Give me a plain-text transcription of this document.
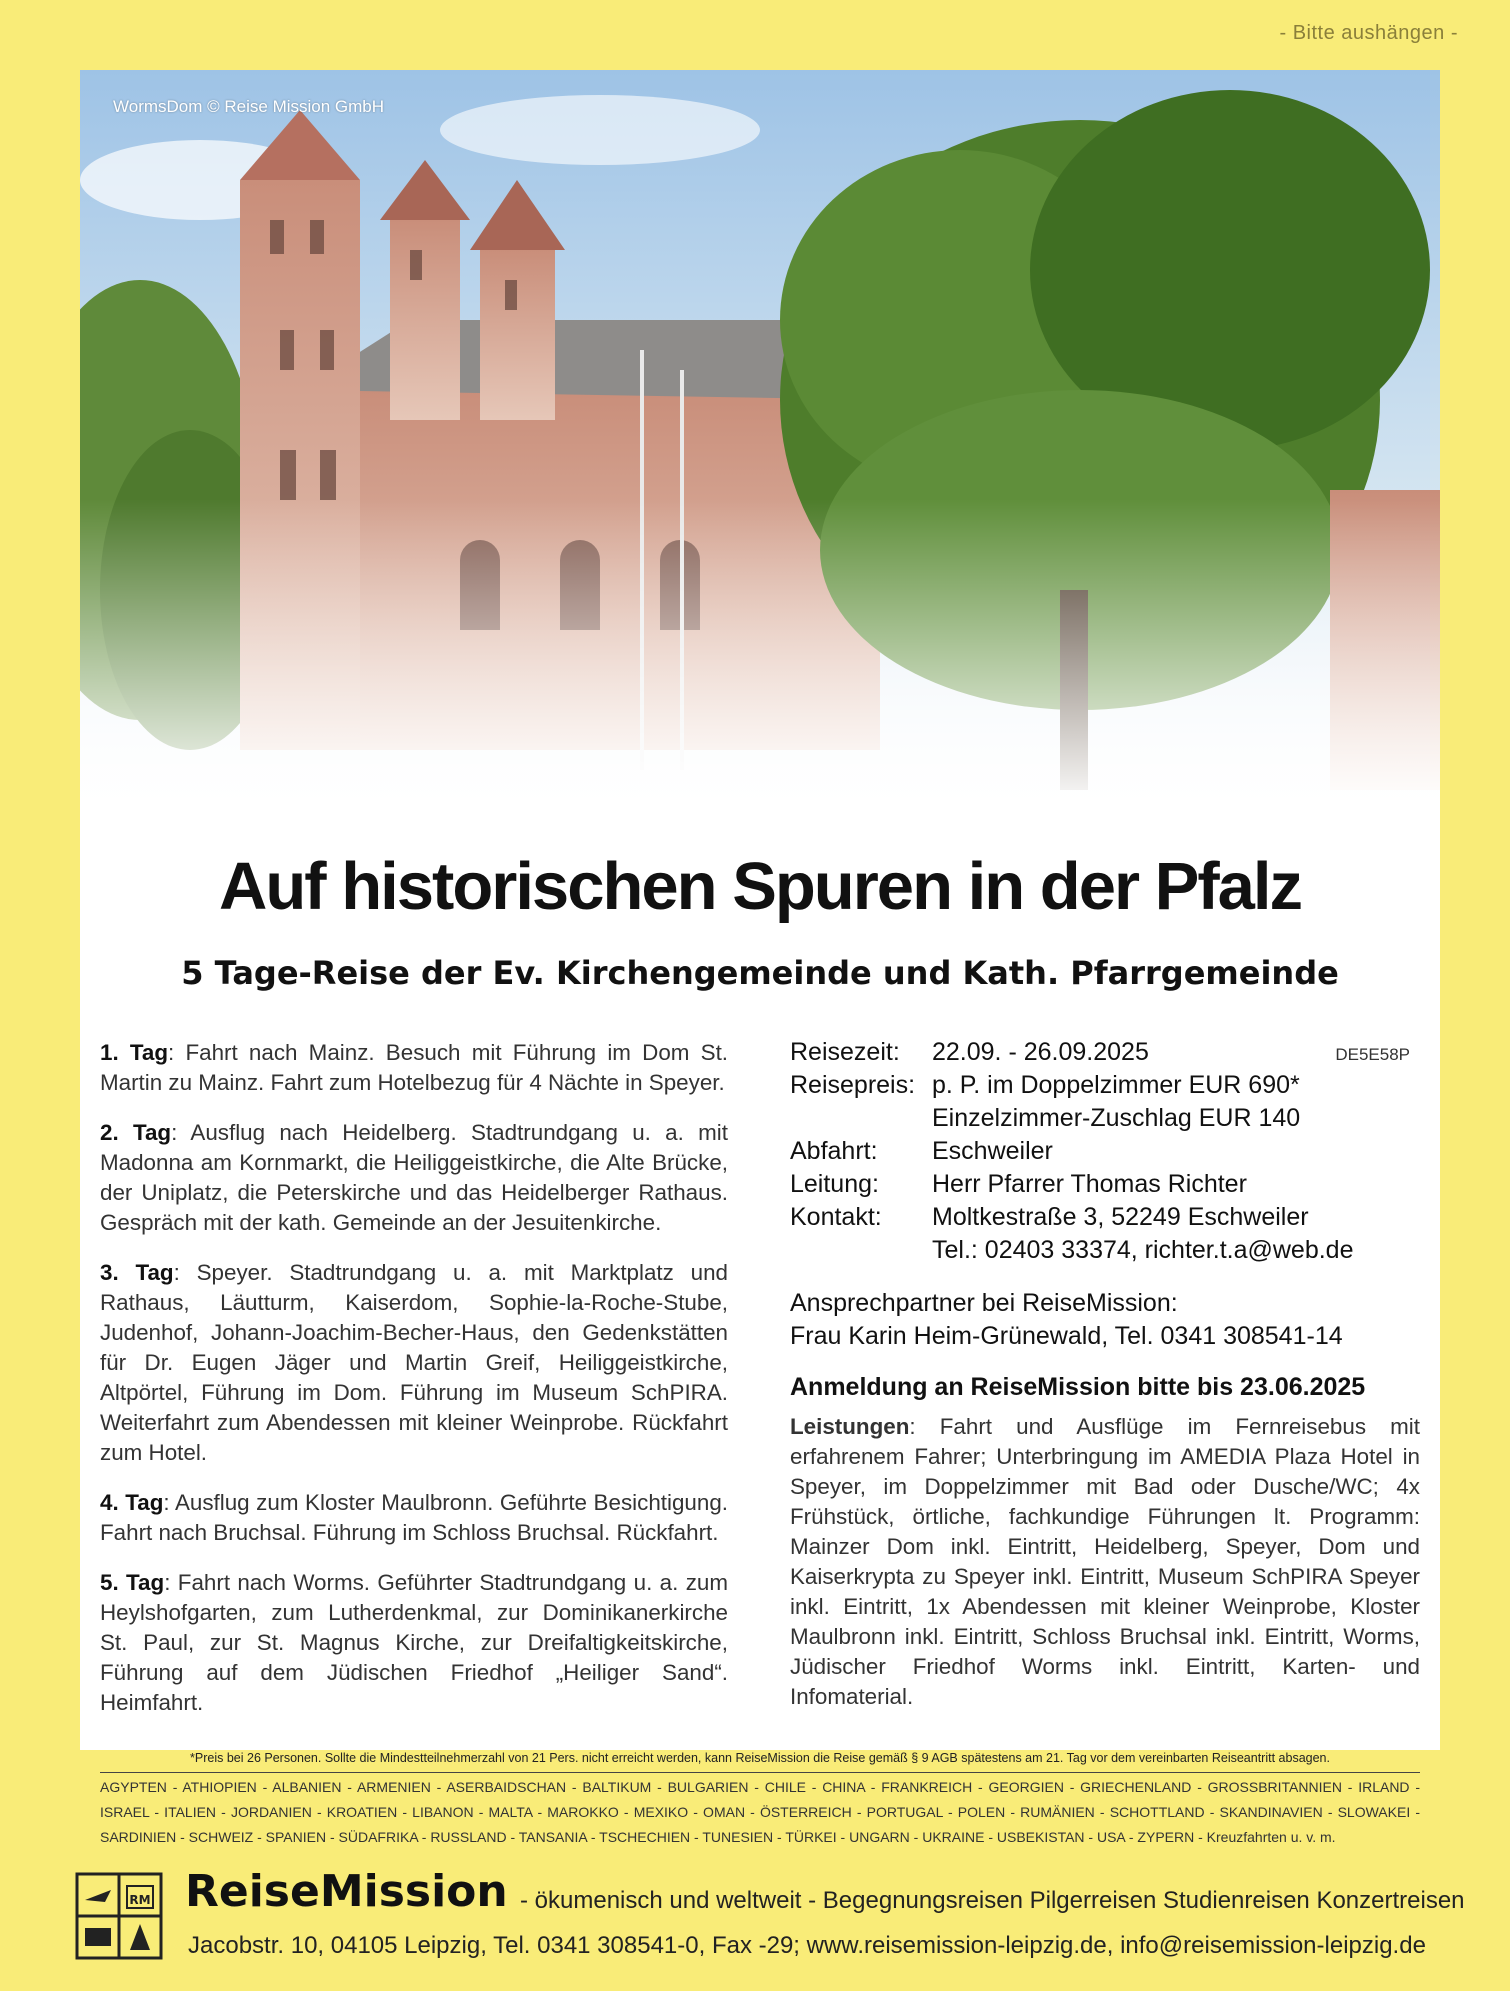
- Bitte aushängen -
WormsDom © Reise Mission GmbH
Auf historischen Spuren in der Pfalz
5 Tage-Reise der Ev. Kirchengemeinde und Kath. Pfarrgemeinde

1. Tag: Fahrt nach Mainz. Besuch mit Führung im Dom St. Martin zu Mainz. Fahrt zum Hotelbezug für 4 Nächte in Speyer.

2. Tag: Ausflug nach Heidelberg. Stadtrundgang u. a. mit Madonna am Kornmarkt, die Heiliggeistkirche, die Alte Brücke, der Uniplatz, die Peterskirche und das Heidelberger Rathaus. Gespräch mit der kath. Gemeinde an der Jesuitenkirche.

3. Tag: Speyer. Stadtrundgang u. a. mit Marktplatz und Rathaus, Läutturm, Kaiserdom, Sophie-la-Roche-Stube, Judenhof, Johann-Joachim-Becher-Haus, den Gedenkstätten für Dr. Eugen Jäger und Martin Greif, Heiliggeistkirche, Altpörtel, Führung im Dom. Führung im Museum SchPIRA. Weiterfahrt zum Abendessen mit kleiner Weinprobe. Rückfahrt zum Hotel.

4. Tag: Ausflug zum Kloster Maulbronn. Geführte Besichtigung. Fahrt nach Bruchsal. Führung im Schloss Bruchsal. Rückfahrt.

5. Tag: Fahrt nach Worms. Geführter Stadtrundgang u. a. zum Heylshofgarten, zum Lutherdenkmal, zur Dominikanerkirche St. Paul, zur St. Magnus Kirche, zur Dreifaltigkeitskirche, Führung auf dem Jüdischen Friedhof „Heiliger Sand“. Heimfahrt.

DE5E58P
Reisezeit:	22.09. - 26.09.2025
Reisepreis: p. P. im Doppelzimmer EUR 690*
Einzelzimmer-Zuschlag EUR 140
Abfahrt:	Eschweiler
Leitung:	Herr Pfarrer Thomas Richter
Kontakt:	Moltkestraße 3, 52249 Eschweiler
Tel.: 02403 33374, richter.t.a@web.de
Ansprechpartner bei ReiseMission:
Frau Karin Heim-Grünewald, Tel. 0341 308541-14
Anmeldung an ReiseMission bitte bis 23.06.2025
Leistungen: Fahrt und Ausflüge im Fernreisebus mit erfahrenem Fahrer; Unterbringung im AMEDIA Plaza Hotel in Speyer, im Doppelzimmer mit Bad oder Dusche/WC; 4x Frühstück, örtliche, fachkundige Führungen lt. Programm: Mainzer Dom inkl. Eintritt, Heidelberg, Speyer, Dom und Kaiserkrypta zu Speyer inkl. Eintritt, Museum SchPIRA Speyer inkl. Eintritt, 1x Abendessen mit kleiner Weinprobe, Kloster Maulbronn inkl. Eintritt, Schloss Bruchsal inkl. Eintritt, Worms, Jüdischer Friedhof Worms inkl. Eintritt, Karten- und Infomaterial.
*Preis bei 26 Personen. Sollte die Mindestteilnehmerzahl von 21 Pers. nicht erreicht werden, kann ReiseMission die Reise gemäß § 9 AGB spätestens am 21. Tag vor dem vereinbarten Reiseantritt absagen.
AGYPTEN - ATHIOPIEN - ALBANIEN - ARMENIEN - ASERBAIDSCHAN - BALTIKUM - BULGARIEN - CHILE - CHINA - FRANKREICH - GEORGIEN - GRIECHENLAND - GROSSBRITANNIEN - IRLAND - ISRAEL - ITALIEN - JORDANIEN - KROATIEN - LIBANON - MALTA - MAROKKO - MEXIKO - OMAN - ÖSTERREICH - PORTUGAL - POLEN - RUMÄNIEN - SCHOTTLAND - SKANDINAVIEN - SLOWAKEI - SARDINIEN - SCHWEIZ - SPANIEN - SÜDAFRIKA - RUSSLAND - TANSANIA - TSCHECHIEN - TUNESIEN - TÜRKEI - UNGARN - UKRAINE - USBEKISTAN - USA - ZYPERN - Kreuzfahrten u. v. m.
RM ReiseMission - ökumenisch und weltweit - Begegnungsreisen Pilgerreisen Studienreisen Konzertreisen
Jacobstr. 10, 04105 Leipzig, Tel. 0341 308541-0, Fax -29; www.reisemission-leipzig.de, info@reisemission-leipzig.de
